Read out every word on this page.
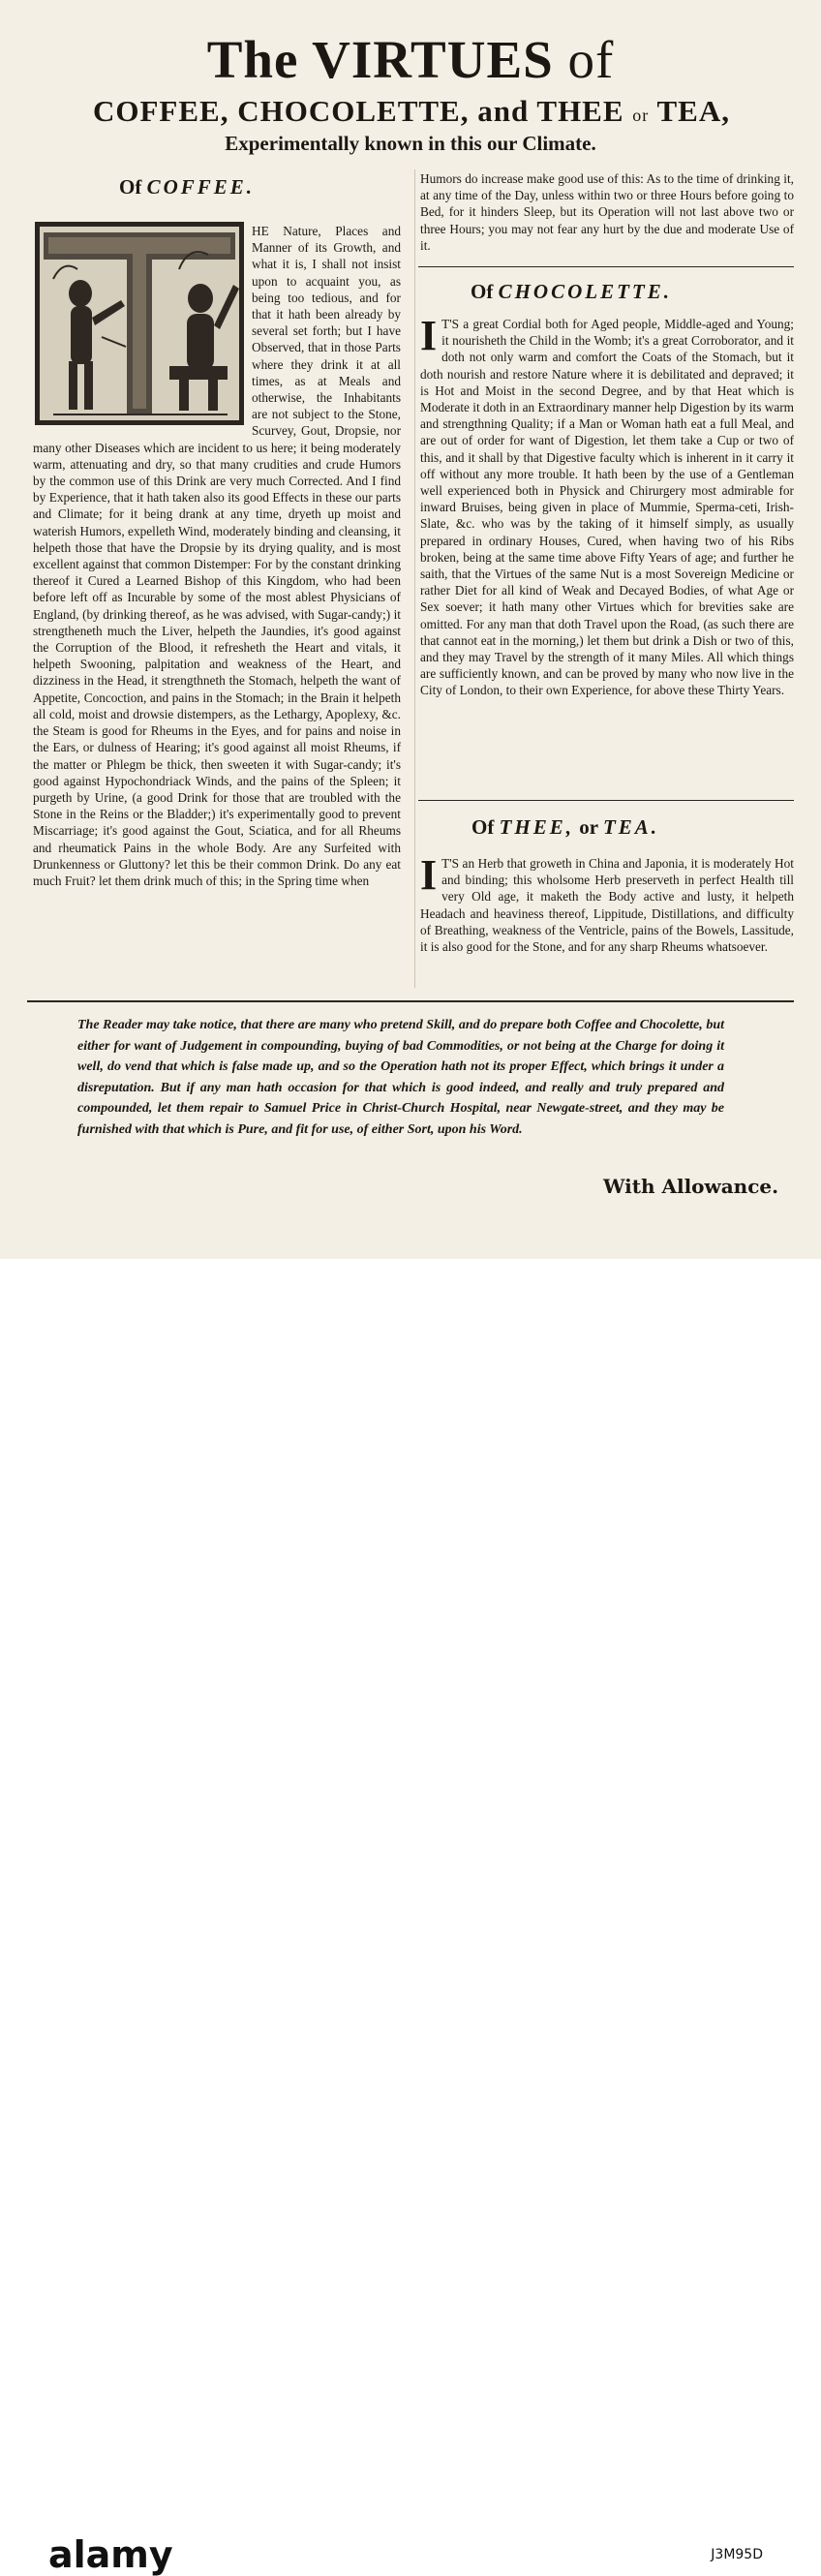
The VIRTUES of
COFFEE, CHOCOLETTE, and THEE or TEA,
Experimentally known in this our Climate.
Of COFFEE.

HE Nature, Places and Manner of its Growth, and what it is, I shall not insist upon to acquaint you, as being too tedious, and for that it hath been already by several set forth; but I have Observed, that in those Parts where they drink it at all times, as at Meals and otherwise, the Inhabitants are not subject to the Stone, Scurvey, Gout, Dropsie, nor many other Diseases which are incident to us here; it being moderately warm, attenuating and dry, so that many crudities and crude Humors by the common use of this Drink are very much Corrected. And I find by Experience, that it hath taken also its good Effects in these our parts and Climate; for it being drank at any time, dryeth up moist and waterish Humors, expelleth Wind, moderately binding and cleansing, it helpeth those that have the Dropsie by its drying quality, and is most excellent against that common Distemper: For by the constant drinking thereof it Cured a Learned Bishop of this Kingdom, who had been before left off as Incurable by some of the most ablest Physicians of England, (by drinking thereof, as he was advised, with Sugar-candy;) it strengtheneth much the Liver, helpeth the Jaundies, it's good against the Corruption of the Blood, it refresheth the Heart and vitals, it helpeth Swooning, palpitation and weakness of the Heart, and dizziness in the Head, it strengthneth the Stomach, helpeth the want of Appetite, Concoction, and pains in the Stomach; in the Brain it helpeth all cold, moist and drowsie distempers, as the Lethargy, Apoplexy, &c. the Steam is good for Rheums in the Eyes, and for pains and noise in the Ears, or dulness of Hearing; it's good against all moist Rheums, if the matter or Phlegm be thick, then sweeten it with Sugar-candy; it's good against Hypochondriack Winds, and the pains of the Spleen; it purgeth by Urine, (a good Drink for those that are troubled with the Stone in the Reins or the Bladder;) it's experimentally good to prevent Miscarriage; it's good against the Gout, Sciatica, and for all Rheums and rheumatick Pains in the whole Body. Are any Surfeited with Drunkenness or Gluttony? let this be their common Drink. Do any eat much Fruit? let them drink much of this; in the Spring time when

Humors do increase make good use of this: As to the time of drinking it, at any time of the Day, unless within two or three Hours before going to Bed, for it hinders Sleep, but its Operation will not last above two or three Hours; you may not fear any hurt by the due and moderate Use of it.

Of CHOCOLETTE.
I T'S a great Cordial both for Aged people, Middle-aged and Young; it nourisheth the Child in the Womb; it's a great Corroborator, and it doth not only warm and comfort the Coats of the Stomach, but it doth nourish and restore Nature where it is debilitated and depraved; it is Hot and Moist in the second Degree, and by that Heat which is Moderate it doth in an Extraordinary manner help Digestion by its warm and strengthning Quality; if a Man or Woman hath eat a full Meal, and are out of order for want of Digestion, let them take a Cup or two of this, and it shall by that Digestive faculty which is inherent in it carry it off without any more trouble. It hath been by the use of a Gentleman well experienced both in Physick and Chirurgery most admirable for inward Bruises, being given in place of Mummie, Sperma-ceti, Irish-Slate, &c. who was by the taking of it himself simply, as usually prepared in ordinary Houses, Cured, when having two of his Ribs broken, being at the same time above Fifty Years of age; and further he saith, that the Virtues of the same Nut is a most Sovereign Medicine or rather Diet for all kind of Weak and Decayed Bodies, of what Age or Sex soever; it hath many other Virtues which for brevities sake are omitted. For any man that doth Travel upon the Road, (as such there are that cannot eat in the morning,) let them but drink a Dish or two of this, and they may Travel by the strength of it many Miles. All which things are sufficiently known, and can be proved by many who now live in the City of London, to their own Experience, for above these Thirty Years.

Of THEE, or TEA.
I T'S an Herb that groweth in China and Japonia, it is moderately Hot and binding; this wholsome Herb preserveth in perfect Health till very Old age, it maketh the Body active and lusty, it helpeth Headach and heaviness thereof, Lippitude, Distillations, and difficulty of Breathing, weakness of the Ventricle, pains of the Bowels, Lassitude, it is also good for the Stone, and for any sharp Rheums whatsoever.

The Reader may take notice, that there are many who pretend Skill, and do prepare both Coffee and Chocolette, but either for want of Judgement in compounding, buying of bad Commodities, or not being at the Charge for doing it well, do vend that which is false made up, and so the Operation hath not its proper Effect, which brings it under a disreputation. But if any man hath occasion for that which is good indeed, and really and truly prepared and compounded, let them repair to Samuel Price in Christ-Church Hospital, near Newgate-street, and they may be furnished with that which is Pure, and fit for use, of either Sort, upon his Word.
With Allowance.
alamy	J3M95D
